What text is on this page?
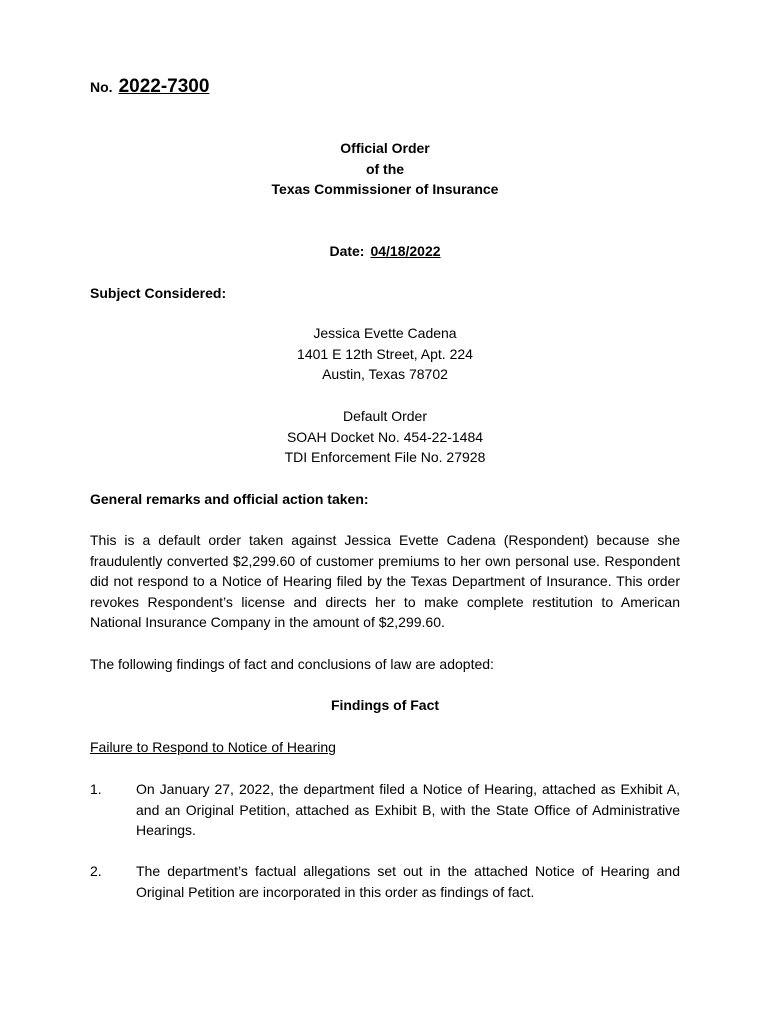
No. 2022-7300
Official Order
of the
Texas Commissioner of Insurance
Date: 04/18/2022
Subject Considered:
Jessica Evette Cadena
1401 E 12th Street, Apt. 224
Austin, Texas 78702
Default Order
SOAH Docket No. 454-22-1484
TDI Enforcement File No. 27928
General remarks and official action taken:
This is a default order taken against Jessica Evette Cadena (Respondent) because she fraudulently converted $2,299.60 of customer premiums to her own personal use. Respondent did not respond to a Notice of Hearing filed by the Texas Department of Insurance. This order revokes Respondent’s license and directs her to make complete restitution to American National Insurance Company in the amount of $2,299.60.
The following findings of fact and conclusions of law are adopted:
Findings of Fact
Failure to Respond to Notice of Hearing
1. On January 27, 2022, the department filed a Notice of Hearing, attached as Exhibit A, and an Original Petition, attached as Exhibit B, with the State Office of Administrative Hearings.
2. The department’s factual allegations set out in the attached Notice of Hearing and Original Petition are incorporated in this order as findings of fact.
